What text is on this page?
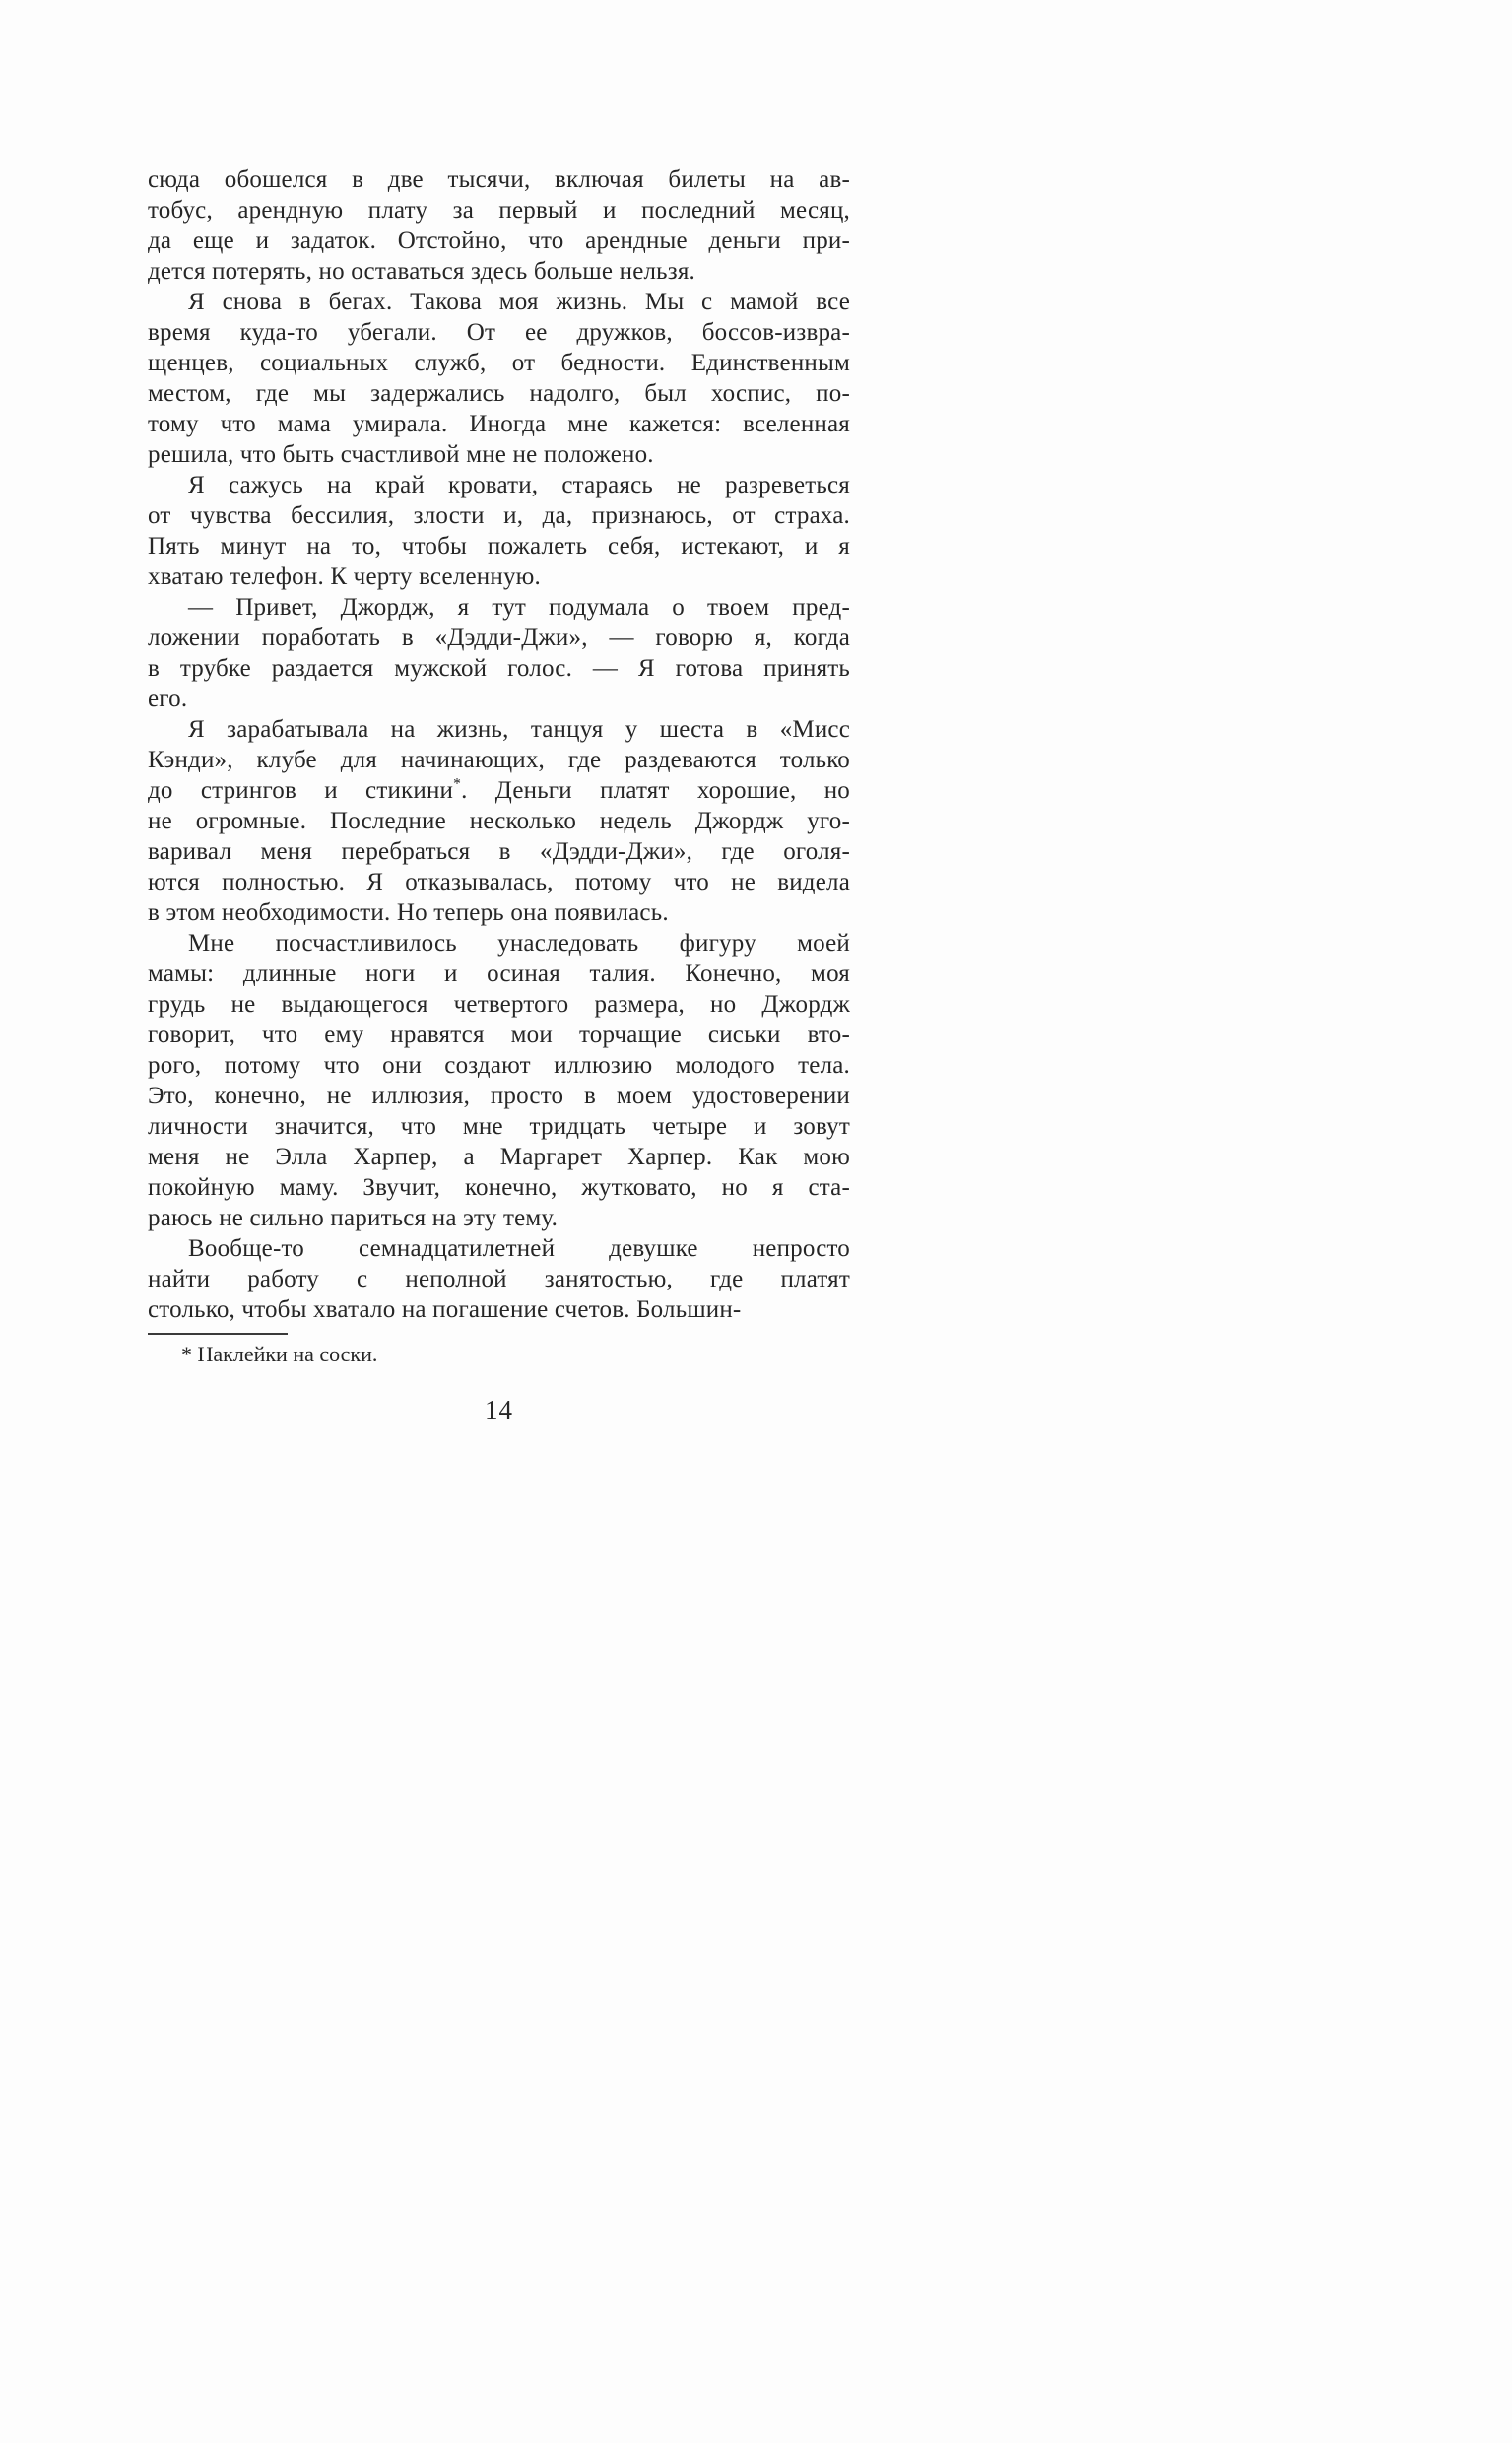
сюда обошелся в две тысячи, включая билеты на ав-
тобус, арендную плату за первый и последний месяц,
да еще и задаток. Отстойно, что арендные деньги при-
дется потерять, но оставаться здесь больше нельзя.
Я снова в бегах. Такова моя жизнь. Мы с мамой все
время куда-то убегали. От ее дружков, боссов-извра-
щенцев, социальных служб, от бедности. Единственным
местом, где мы задержались надолго, был хоспис, по-
тому что мама умирала. Иногда мне кажется: вселенная
решила, что быть счастливой мне не положено.
Я сажусь на край кровати, стараясь не разреветься
от чувства бессилия, злости и, да, признаюсь, от страха.
Пять минут на то, чтобы пожалеть себя, истекают, и я
хватаю телефон. К черту вселенную.
— Привет, Джордж, я тут подумала о твоем пред-
ложении поработать в «Дэдди-Джи», — говорю я, когда
в трубке раздается мужской голос. — Я готова принять
его.
Я зарабатывала на жизнь, танцуя у шеста в «Мисс
Кэнди», клубе для начинающих, где раздеваются только
до стрингов и стикини*. Деньги платят хорошие, но
не огромные. Последние несколько недель Джордж уго-
варивал меня перебраться в «Дэдди-Джи», где оголя-
ются полностью. Я отказывалась, потому что не видела
в этом необходимости. Но теперь она появилась.
Мне посчастливилось унаследовать фигуру моей
мамы: длинные ноги и осиная талия. Конечно, моя
грудь не выдающегося четвертого размера, но Джордж
говорит, что ему нравятся мои торчащие сиськи вто-
рого, потому что они создают иллюзию молодого тела.
Это, конечно, не иллюзия, просто в моем удостоверении
личности значится, что мне тридцать четыре и зовут
меня не Элла Харпер, а Маргарет Харпер. Как мою
покойную маму. Звучит, конечно, жутковато, но я ста-
раюсь не сильно париться на эту тему.
Вообще-то семнадцатилетней девушке непросто
найти работу с неполной занятостью, где платят
столько, чтобы хватало на погашение счетов. Большин-
* Наклейки на соски.
14
